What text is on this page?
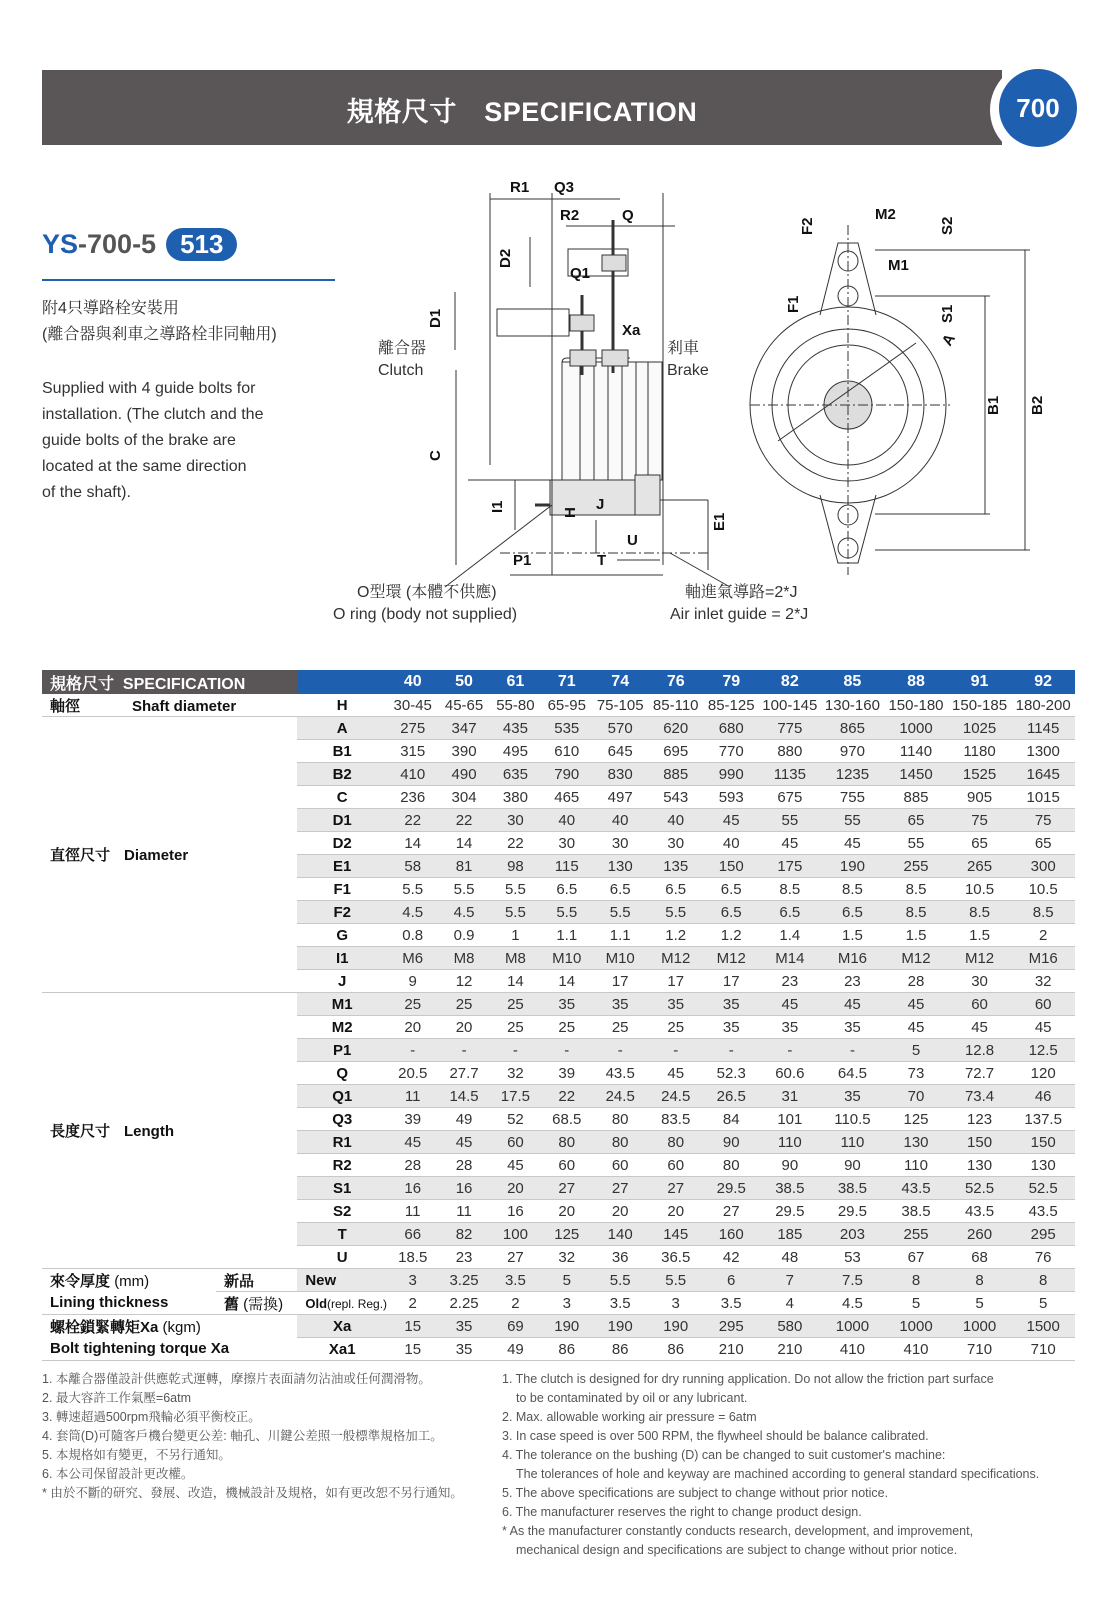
規格尺寸　SPECIFICATION	700
YS-700-5 513
附4只導路栓安裝用
(離合器與剎車之導路栓非同軸用)
Supplied with 4 guide bolts for
installation. (The clutch and the
guide bolts of the brake are
located at the same direction
of the shaft).
R1 Q3
R2	Q
D2
Q1
D1
Xa
C
I1	H J
U
P1	T
E1
F2
M2
S2
M1
F1
S1
A
B1 B2
離合器
Clutch
剎車
Brake
O型環 (本體不供應)
O ring (body not supplied)
軸進氣導路=2*J
Air inlet guide = 2*J
規格尺寸 SPECIFICATION			40	50	61	71	74	76	79	82	85	88	91	92
軸徑 Shaft diameter		H	30-45	45-65	55-80	65-95	75-105	85-110	85-125	100-145	130-160	150-180	150-185	180-200
直徑尺寸 Diameter		A	275	347	435	535	570	620	680	775	865	1000	1025	1145
		B1	315	390	495	610	645	695	770	880	970	1140	1180	1300
		B2	410	490	635	790	830	885	990	1135	1235	1450	1525	1645
		C	236	304	380	465	497	543	593	675	755	885	905	1015
		D1	22	22	30	40	40	40	45	55	55	65	75	75
		D2	14	14	22	30	30	30	40	45	45	55	65	65
		E1	58	81	98	115	130	135	150	175	190	255	265	300
		F1	5.5	5.5	5.5	6.5	6.5	6.5	6.5	8.5	8.5	8.5	10.5	10.5
		F2	4.5	4.5	5.5	5.5	5.5	5.5	6.5	6.5	6.5	8.5	8.5	8.5
		G	0.8	0.9	1	1.1	1.1	1.2	1.2	1.4	1.5	1.5	1.5	2
		I1	M6	M8	M8	M10	M10	M12	M12	M14	M16	M12	M12	M16
		J	9	12	14	14	17	17	17	23	23	28	30	32
長度尺寸 Length		M1	25	25	25	35	35	35	35	45	45	45	60	60
		M2	20	20	25	25	25	25	35	35	35	45	45	45
		P1	-	-	-	-	-	-	-	-	-	5	12.8	12.5
		Q	20.5	27.7	32	39	43.5	45	52.3	60.6	64.5	73	72.7	120
		Q1	11	14.5	17.5	22	24.5	24.5	26.5	31	35	70	73.4	46
		Q3	39	49	52	68.5	80	83.5	84	101	110.5	125	123	137.5
		R1	45	45	60	80	80	80	90	110	110	130	150	150
		R2	28	28	45	60	60	60	80	90	90	110	130	130
		S1	16	16	20	27	27	27	29.5	38.5	38.5	43.5	52.5	52.5
		S2	11	11	16	20	20	20	27	29.5	29.5	38.5	43.5	43.5
		T	66	82	100	125	140	145	160	185	203	255	260	295
		U	18.5	23	27	32	36	36.5	42	48	53	67	68	76
來令厚度 (mm)	新品	New	3	3.25	3.5	5	5.5	5.5	6	7	7.5	8	8	8
Lining thickness	舊 (需換)	Old(repl. Reg.)	2	2.25	2	3	3.5	3	3.5	4	4.5	5	5	5
螺栓鎖緊轉矩Xa (kgm)		Xa	15	35	69	190	190	190	295	580	1000	1000	1000	1500
Bolt tightening torque Xa		Xa1	15	35	49	86	86	86	210	210	410	410	710	710
1. 本離合器僅設計供應乾式運轉，摩擦片表面請勿沾油或任何潤滑物。
2. 最大容許工作氣壓=6atm
3. 轉速超過500rpm飛輪必須平衡校正。
4. 套筒(D)可隨客戶機台變更公差: 軸孔、川鍵公差照一般標準規格加工。
5. 本規格如有變更，不另行通知。
6. 本公司保留設計更改權。
* 由於不斷的研究、發展、改造，機械設計及規格，如有更改恕不另行通知。
1. The clutch is designed for dry running application. Do not allow the friction part surface
to be contaminated by oil or any lubricant.
2. Max. allowable working air pressure = 6atm
3. In case speed is over 500 RPM, the flywheel should be balance calibrated.
4. The tolerance on the bushing (D) can be changed to suit customer's machine:
The tolerances of hole and keyway are machined according to general standard specifications.
5. The above specifications are subject to change without prior notice.
6. The manufacturer reserves the right to change product design.
* As the manufacturer constantly conducts research, development, and improvement,
mechanical design and specifications are subject to change without prior notice.
